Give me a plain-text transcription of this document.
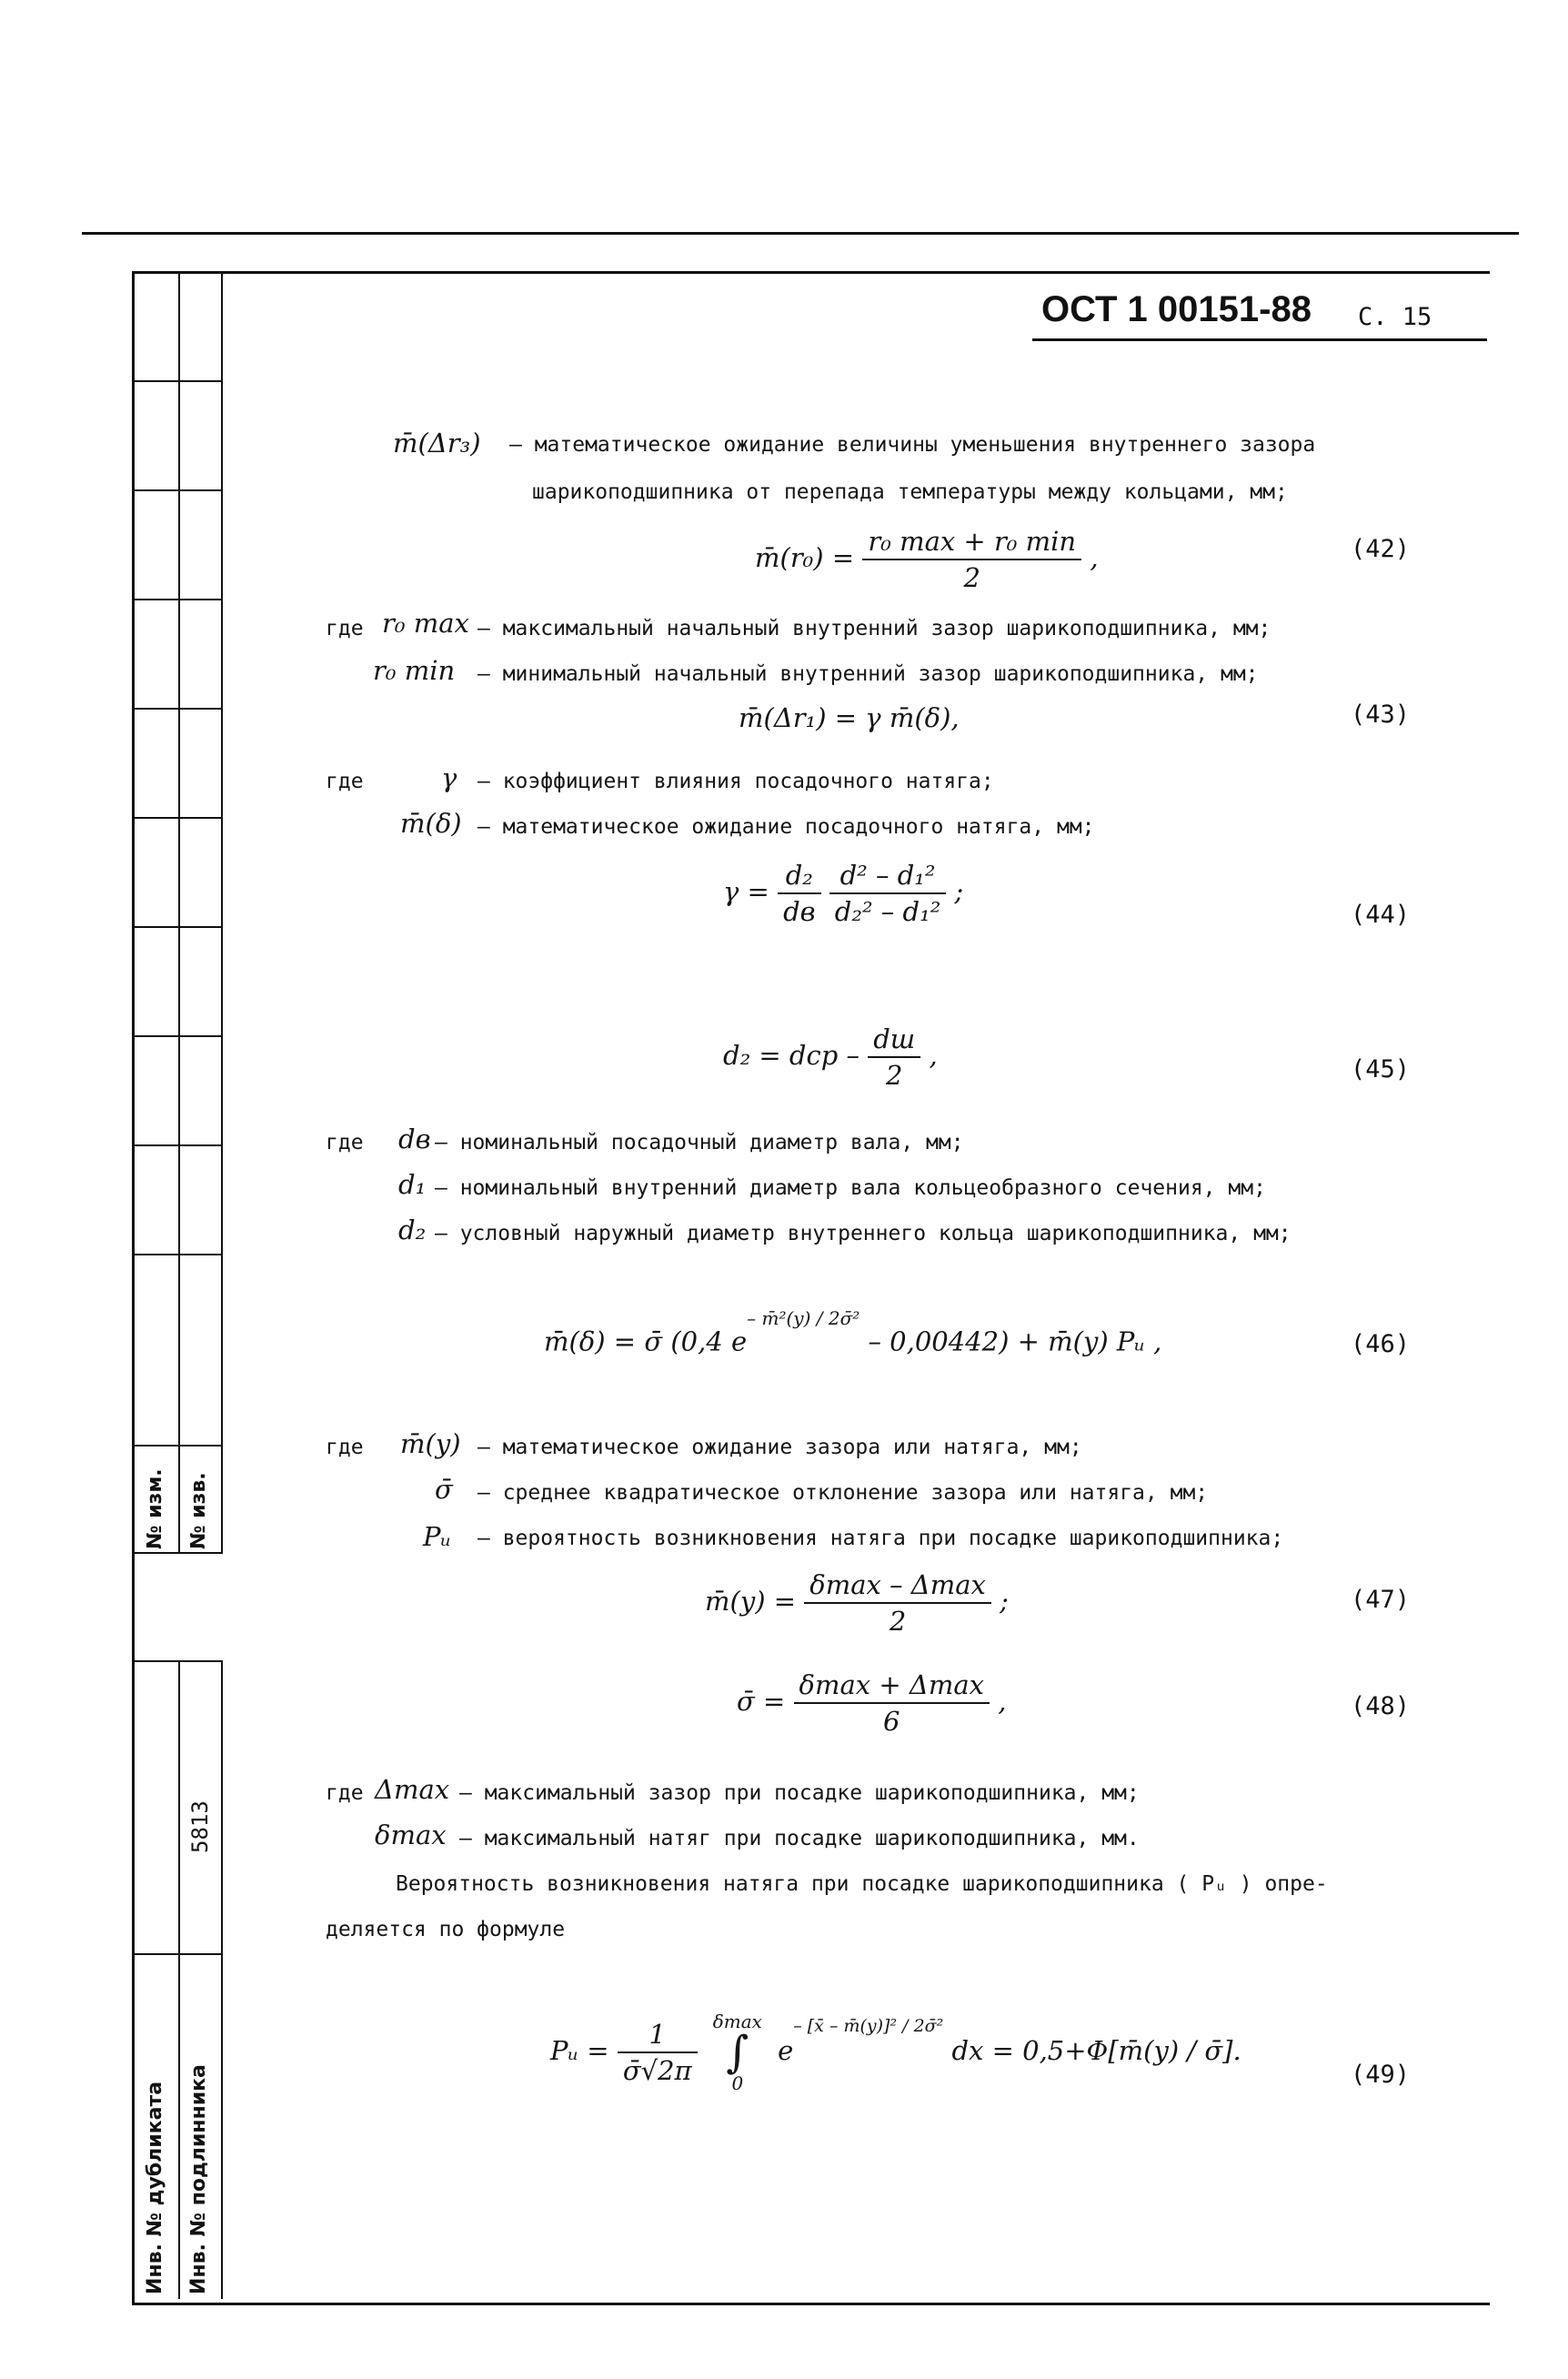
№ изм. № изв.
5813
Инв. № дубликата Инв. № подлинника
ОСТ 1 00151-88 С. 15
m̄(Δr₃) – математическое ожидание величины уменьшения внутреннего зазора
шарикоподшипника от перепада температуры между кольцами, мм;
m̄(r₀) = $\frac{\text{r₀ max + r₀ min}}{2}$ ,	(42)
где r₀ max – максимальный начальный внутренний зазор шарикоподшипника, мм;
r₀ min – минимальный начальный внутренний зазор шарикоподшипника, мм;
m̄(Δr₁) = γ m̄(δ),	(43)
где	γ – коэффициент влияния посадочного натяга;
m̄(δ) – математическое ожидание посадочного натяга, мм;
$\gamma = \frac{\text{d₂}}{dв}$
$\frac{\text{d² – d₁²}}{\text{d₂² – d₁²}}$ ;
(44)
d₂ = dср – $\frac{dш}{2}$ ,	(45)
где dв – номинальный посадочный диаметр вала, мм;
d₁ – номинальный внутренний диаметр вала кольцеобразного сечения, мм;
d₂ – условный наружный диаметр внутреннего кольца шарикоподшипника, мм;
m̄(δ) = σ̄ (0,4 $e^{- m̄^2(y) / 2\sigmā^2} - 0,00442$) + m̄(y) Pᵤ ,	(46)
где m̄(y) – математическое ожидание зазора или натяга, мм;
σ̄ – среднее квадратическое отклонение зазора или натяга, мм;
Pᵤ – вероятность возникновения натяга при посадке шарикоподшипника;
m̄(y) = $\frac{\delta\max - \Delta\max}{2}$ ;	(47)
σ̄ = $\frac{\delta\max + \Delta\max}{6}$ ,	(48)
где Δmax – максимальный зазор при посадке шарикоподшипника, мм;
δmax – максимальный натяг при посадке шарикоподшипника, мм.
Вероятность возникновения натяга при посадке шарикоподшипника ( Pᵤ ) опре-
деляется по формуле
Pᵤ = $\frac{1}{\sigmā√2\pi}$
δmax
∫
0
$e^{- [x̄ - m̄(y)]^2 / 2\sigmā^2}$ dx = 0,5+Φ[m̄(y) / σ̄].
(49)
